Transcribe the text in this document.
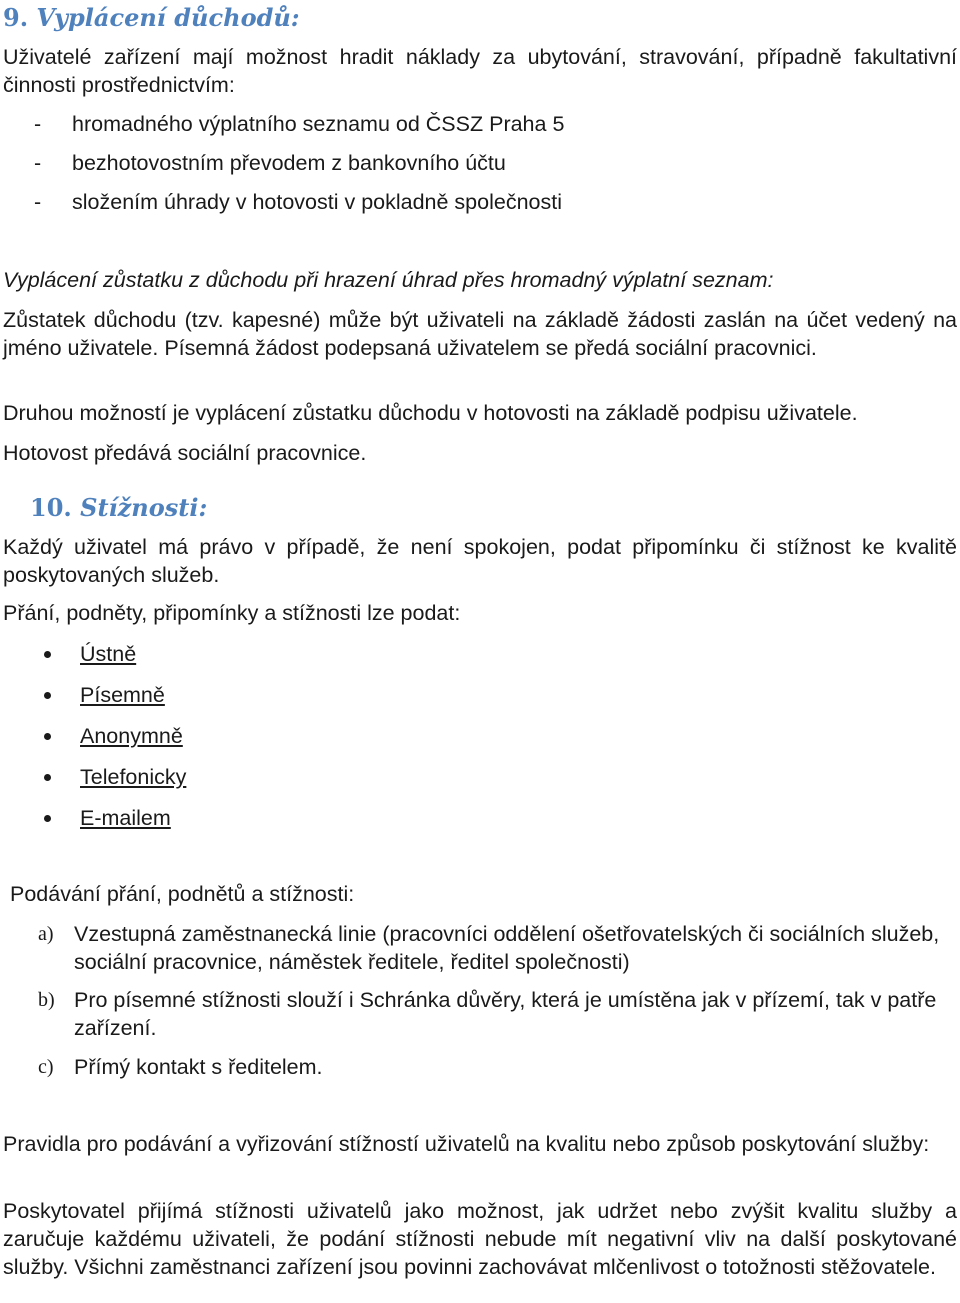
9. Vyplácení důchodů:
Uživatelé zařízení mají možnost hradit náklady za ubytování, stravování, případně fakultativní činnosti prostřednictvím:
- hromadného výplatního seznamu od ČSSZ Praha 5
- bezhotovostním převodem z bankovního účtu
- složením úhrady v hotovosti v pokladně společnosti
Vyplácení zůstatku z důchodu při hrazení úhrad přes hromadný výplatní seznam:
Zůstatek důchodu (tzv. kapesné) může být uživateli na základě žádosti zaslán na účet vedený na jméno uživatele. Písemná žádost podepsaná uživatelem se předá sociální pracovnici.
Druhou možností je vyplácení zůstatku důchodu v hotovosti na základě podpisu uživatele.
Hotovost předává sociální pracovnice.
10. Stížnosti:
Každý uživatel má právo v případě, že není spokojen, podat připomínku či stížnost ke kvalitě poskytovaných služeb.
Přání, podněty, připomínky a stížnosti lze podat:
Ústně
Písemně
Anonymně
Telefonicky
E-mailem
Podávání přání, podnětů a stížnosti:
a) Vzestupná zaměstnanecká linie (pracovníci oddělení ošetřovatelských či sociálních služeb, sociální pracovnice, náměstek ředitele, ředitel společnosti)
b) Pro písemné stížnosti slouží i Schránka důvěry, která je umístěna jak v přízemí, tak v patře zařízení.
c) Přímý kontakt s ředitelem.
Pravidla pro podávání a vyřizování stížností uživatelů na kvalitu nebo způsob poskytování služby:
Poskytovatel přijímá stížnosti uživatelů jako možnost, jak udržet nebo zvýšit kvalitu služby a zaručuje každému uživateli, že podání stížnosti nebude mít negativní vliv na další poskytované služby. Všichni zaměstnanci zařízení jsou povinni zachovávat mlčenlivost o totožnosti stěžovatele.
